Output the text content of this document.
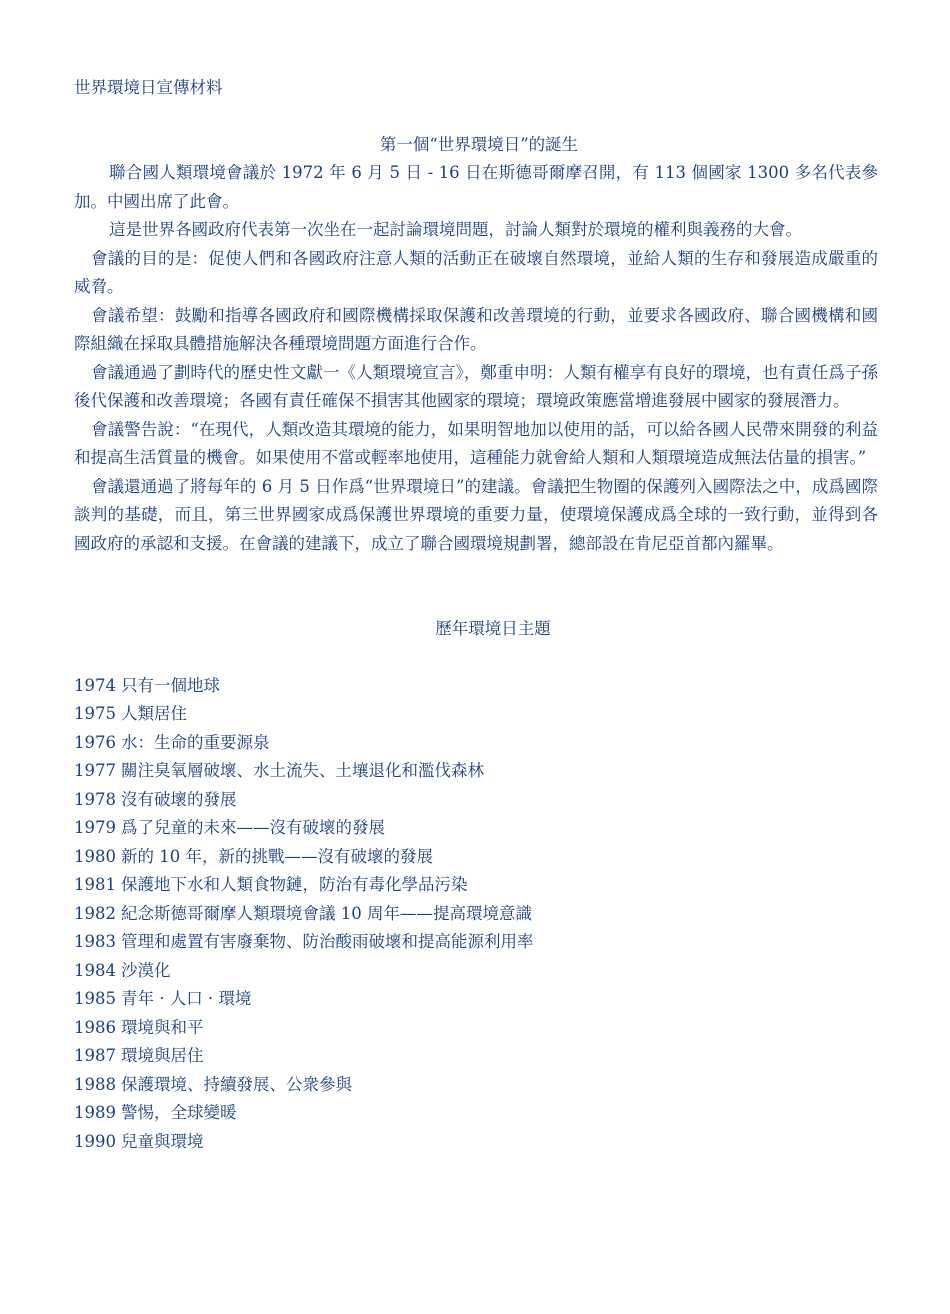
世界環境日宣傳材料
第一個“世界環境日”的誕生

聯合國人類環境會議於 1972 年 6 月 5 日 - 16 日在斯德哥爾摩召開，有 113 個國家 1300 多名代表參加。中國出席了此會。

這是世界各國政府代表第一次坐在一起討論環境問題，討論人類對於環境的權利與義務的大會。

會議的目的是：促使人們和各國政府注意人類的活動正在破壞自然環境，並給人類的生存和發展造成嚴重的威脅。

會議希望：鼓勵和指導各國政府和國際機構採取保護和改善環境的行動，並要求各國政府、聯合國機構和國際組織在採取具體措施解決各種環境問題方面進行合作。

會議通過了劃時代的歷史性文獻一《人類環境宣言》，鄭重申明：人類有權享有良好的環境，也有責任爲子孫後代保護和改善環境；各國有責任確保不損害其他國家的環境；環境政策應當增進發展中國家的發展潛力。

會議警告說：“在現代，人類改造其環境的能力，如果明智地加以使用的話，可以給各國人民帶來開發的利益和提高生活質量的機會。如果使用不當或輕率地使用，這種能力就會給人類和人類環境造成無法估量的損害。”

會議還通過了將每年的 6 月 5 日作爲“世界環境日”的建議。會議把生物圈的保護列入國際法之中，成爲國際談判的基礎，而且，第三世界國家成爲保護世界環境的重要力量，使環境保護成爲全球的一致行動，並得到各國政府的承認和支援。在會議的建議下，成立了聯合國環境規劃署，總部設在肯尼亞首都內羅畢。

歷年環境日主題
1974 只有一個地球
1975 人類居住
1976 水：生命的重要源泉
1977 關注臭氧層破壞、水土流失、土壤退化和濫伐森林
1978 沒有破壞的發展
1979 爲了兒童的未來——沒有破壞的發展
1980 新的 10 年，新的挑戰——沒有破壞的發展
1981 保護地下水和人類食物鏈，防治有毒化學品污染
1982 紀念斯德哥爾摩人類環境會議 10 周年——提高環境意識
1983 管理和處置有害廢棄物、防治酸雨破壞和提高能源利用率
1984 沙漠化
1985 青年 · 人口 · 環境
1986 環境與和平
1987 環境與居住
1988 保護環境、持續發展、公衆參與
1989 警惕，全球變暖
1990 兒童與環境
